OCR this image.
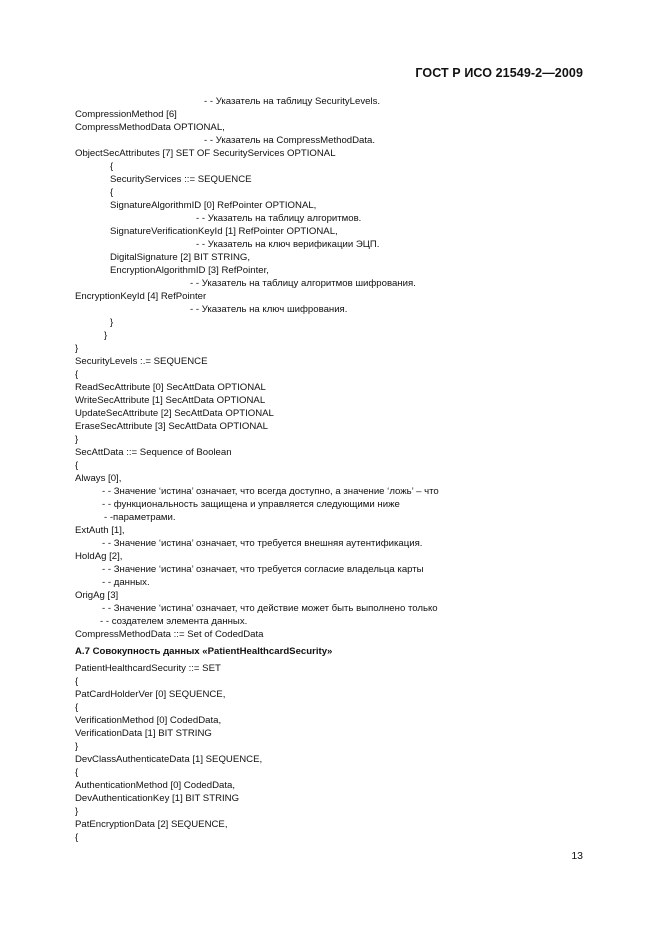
ГОСТ Р ИСО 21549-2—2009
- - Указатель на таблицу SecurityLevels.
CompressionMethod [6]
CompressMethodData OPTIONAL,
- - Указатель на CompressMethodData.
ObjectSecAttributes [7] SET OF SecurityServices OPTIONAL
{
SecurityServices ::= SEQUENCE
{
SignatureAlgorithmID [0] RefPointer OPTIONAL,
- - Указатель на таблицу алгоритмов.
SignatureVerificationKeyId [1] RefPointer OPTIONAL,
- - Указатель на ключ верификации ЭЦП.
DigitalSignature [2] BIT STRING,
EncryptionAlgorithmID [3] RefPointer,
- - Указатель на таблицу алгоритмов шифрования.
EncryptionKeyId [4] RefPointer
- - Указатель на ключ шифрования.
}
}
}
SecurityLevels :.= SEQUENCE
{
ReadSecAttribute [0] SecAttData OPTIONAL
WriteSecAttribute [1] SecAttData OPTIONAL
UpdateSecAttribute [2] SecAttData OPTIONAL
EraseSecAttribute [3] SecAttData OPTIONAL
}
SecAttData ::= Sequence of Boolean
{
Always [0],
- - Значение ‘истина’ означает, что всегда доступно, а значение ‘ложь’ – что
- - функциональность защищена и управляется следующими ниже
- -параметрами.
ExtAuth [1],
- - Значение ‘истина’ означает, что требуется внешняя аутентификация.
HoldAg [2],
- - Значение ‘истина’ означает, что требуется согласие владельца карты
- - данных.
OrigAg [3]
- - Значение ‘истина’ означает, что действие может быть выполнено только
- - создателем элемента данных.
CompressMethodData ::= Set of CodedData
A.7 Совокупность данных «PatientHealthcardSecurity»
PatientHealthcardSecurity ::= SET
{
PatCardHolderVer [0] SEQUENCE,
{
VerificationMethod [0] CodedData,
VerificationData [1] BIT STRING
}
DevClassAuthenticateData [1] SEQUENCE,
{
AuthenticationMethod [0] CodedData,
DevAuthenticationKey [1] BIT STRING
}
PatEncryptionData [2] SEQUENCE,
{
13
